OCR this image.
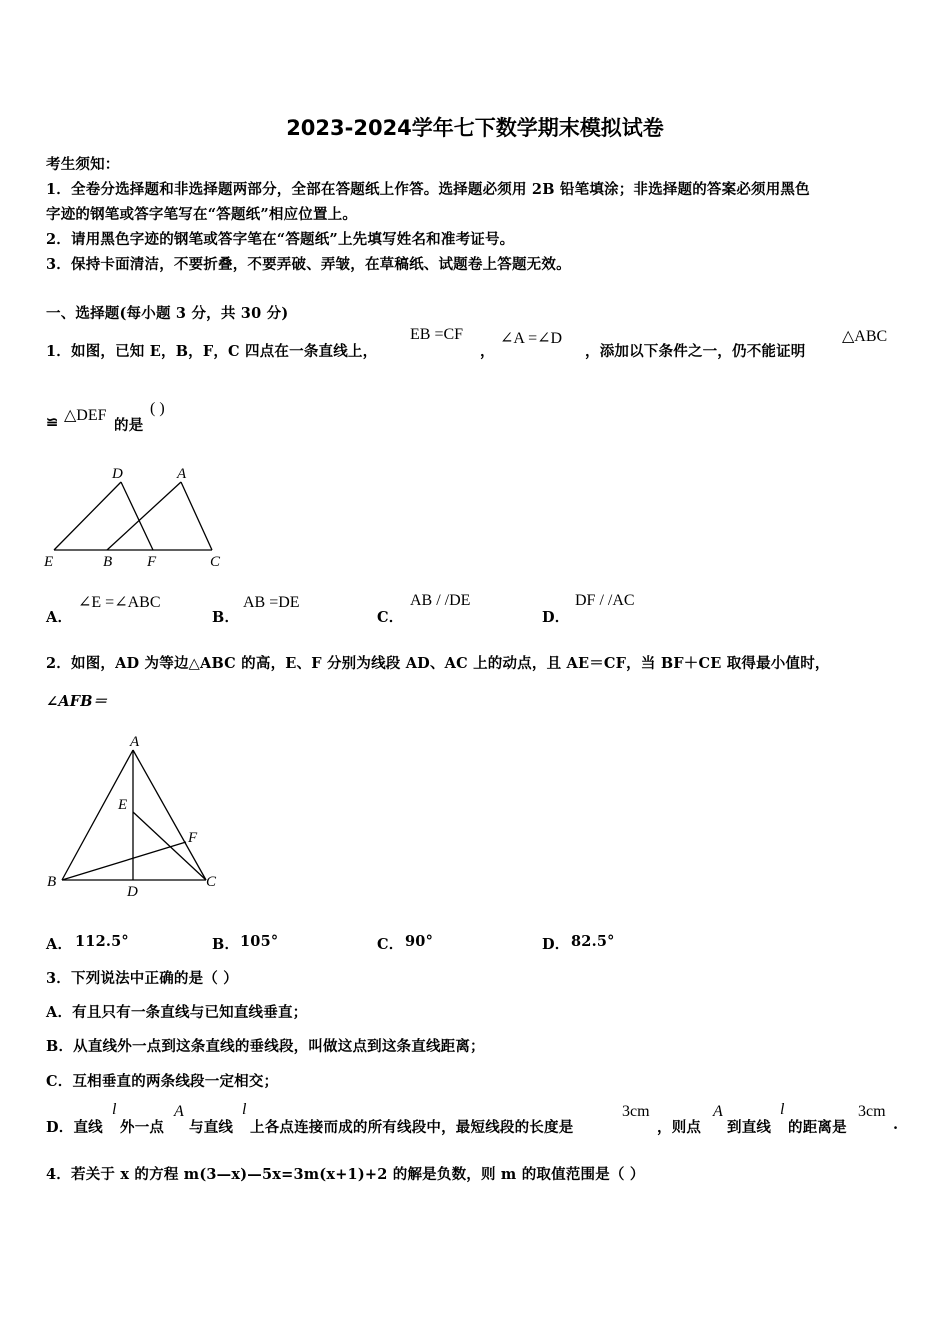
2023-2024学年七下数学期末模拟试卷
考生须知：
1．全卷分选择题和非选择题两部分，全部在答题纸上作答。选择题必须用 2B 铅笔填涂；非选择题的答案必须用黑色
字迹的钢笔或答字笔写在“答题纸”相应位置上。
2．请用黑色字迹的钢笔或答字笔在“答题纸”上先填写姓名和准考证号。
3．保持卡面清洁，不要折叠，不要弄破、弄皱，在草稿纸、试题卷上答题无效。
一、选择题(每小题 3 分，共 30 分)
1．如图，已知 E，B，F，C 四点在一条直线上，
EB =CF
，
∠A =∠D
，添加以下条件之一，仍不能证明
△ABC
≌ △DEF
的是
( )
D	A
E	B F	C
A．
∠E =∠ABC
B．
AB =DE
C．
AB / /DE
D．
DF / /AC
2．如图，AD 为等边△ABC 的高，E、F 分别为线段 AD、AC 上的动点，且 AE＝CF，当 BF＋CE 取得最小值时，
∠AFB＝
A
E
F
B
D
C
A． 112.5°	B． 105°	C． 90°	D． 82.5°
3．下列说法中正确的是（ ）
A．有且只有一条直线与已知直线垂直；
B．从直线外一点到这条直线的垂线段，叫做这点到这条直线距离；
C．互相垂直的两条线段一定相交；
D．直线
l
外一点
A
与直线
l
上各点连接而成的所有线段中，最短线段的长度是
3cm
，则点
A
到直线
l
的距离是
3cm
.
4．若关于 x 的方程 m(3—x)—5x=3m(x+1)+2 的解是负数，则 m 的取值范围是（ ）
